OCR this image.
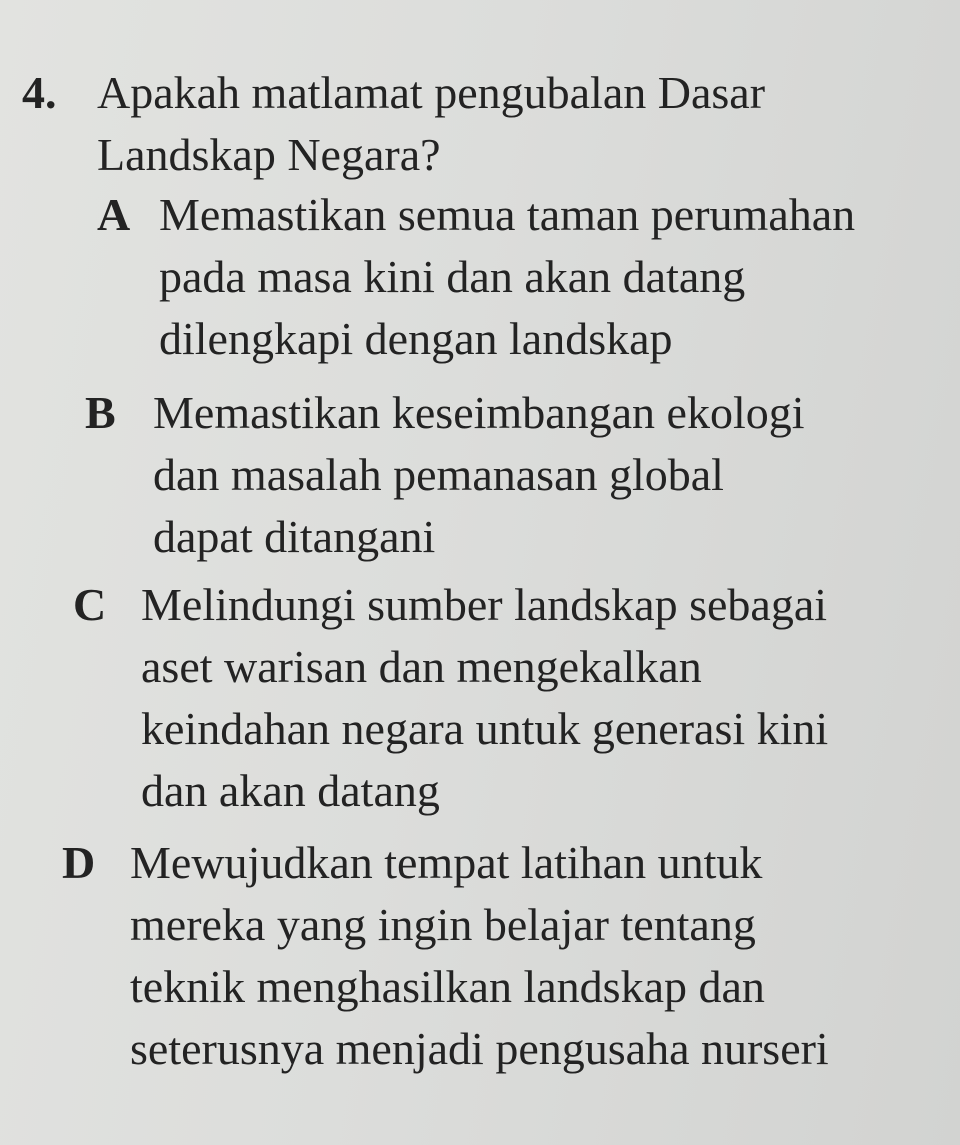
4. Apakah matlamat pengubalan Dasar
Landskap Negara?
A Memastikan semua taman perumahan
pada masa kini dan akan datang
dilengkapi dengan landskap
B Memastikan keseimbangan ekologi
dan masalah pemanasan global
dapat ditangani
C Melindungi sumber landskap sebagai
aset warisan dan mengekalkan
keindahan negara untuk generasi kini
dan akan datang
D Mewujudkan tempat latihan untuk
mereka yang ingin belajar tentang
teknik menghasilkan landskap dan
seterusnya menjadi pengusaha nurseri
